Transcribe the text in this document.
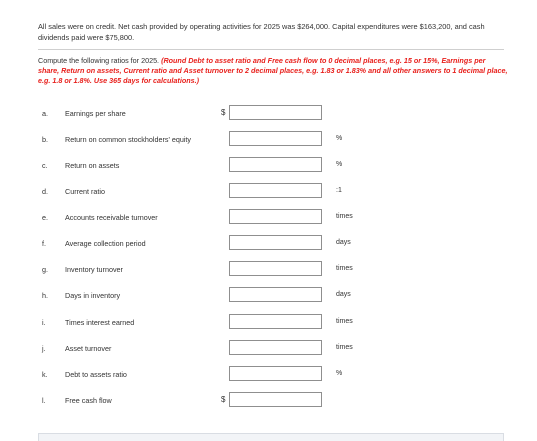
All sales were on credit. Net cash provided by operating activities for 2025 was $264,000. Capital expenditures were $163,200, and cash dividends paid were $75,800.
Compute the following ratios for 2025. (Round Debt to asset ratio and Free cash flow to 0 decimal places, e.g. 15 or 15%, Earnings per share, Return on assets, Current ratio and Asset turnover to 2 decimal places, e.g. 1.83 or 1.83% and all other answers to 1 decimal place, e.g. 1.8 or 1.8%. Use 365 days for calculations.)
a. Earnings per share	$
b. Return on common stockholders' equity	%
c. Return on assets	%
d. Current ratio	:1
e. Accounts receivable turnover	times
f.	Average collection period	days
g. Inventory turnover	times
h. Days in inventory	days
i.	Times interest earned	times
j.	Asset turnover	times
k. Debt to assets ratio	%
l.	Free cash flow	$
